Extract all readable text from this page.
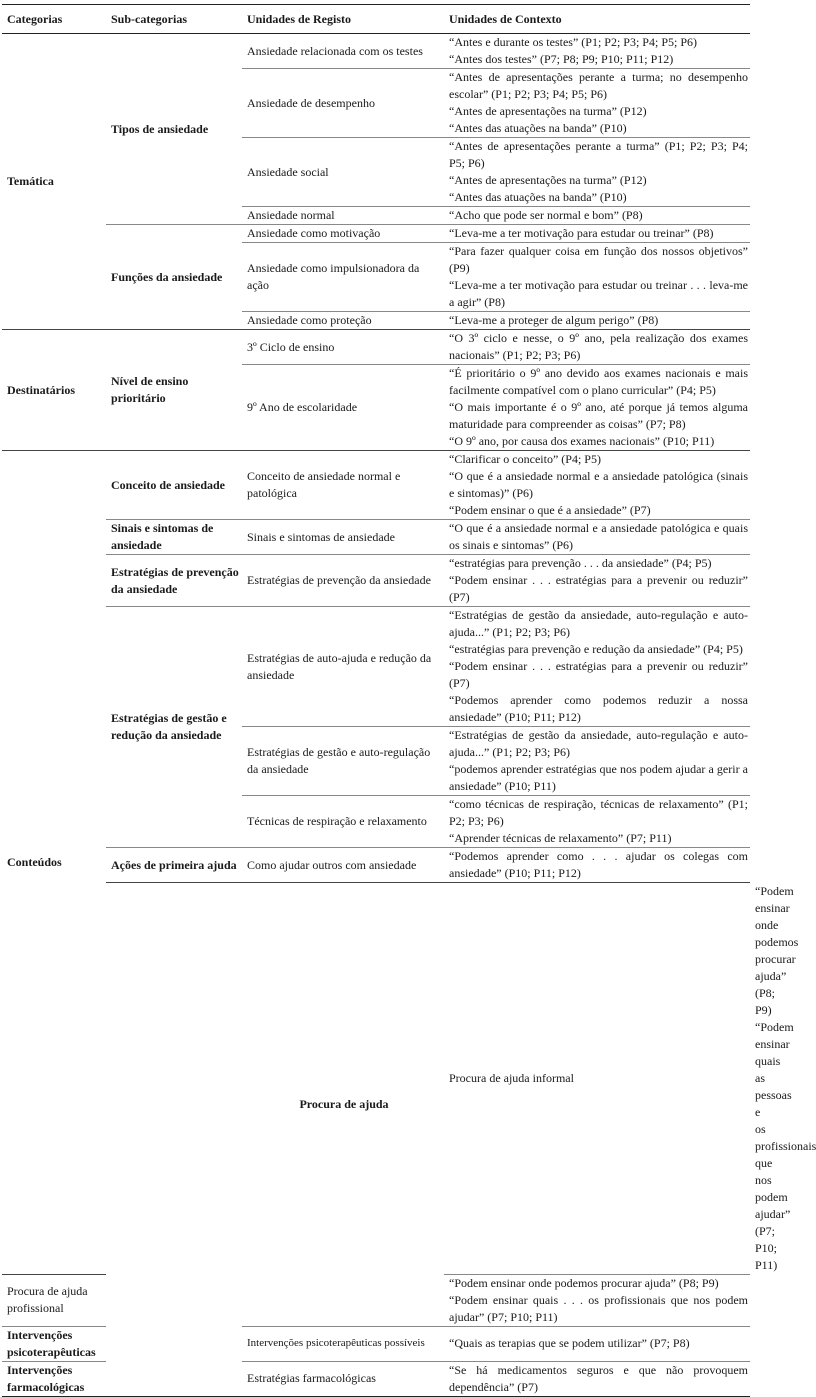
Categorias	Sub-categorias	Unidades de Registo	Unidades de Contexto	
Temática	Tipos de ansiedade	Ansiedade relacionada com os testes	“Antes e durante os testes” (P1; P2; P3; P4; P5; P6)
“Antes dos testes” (P7; P8; P9; P10; P11; P12)	

		Ansiedade de desempenho	“Antes de apresentações perante a turma; no desempenho escolar” (P1; P2; P3; P4; P5; P6)
“Antes de apresentações na turma” (P12)
“Antes das atuações na banda” (P10)	

		Ansiedade social	“Antes de apresentações perante a turma” (P1; P2; P3; P4; P5; P6)
“Antes de apresentações na turma” (P12)
“Antes das atuações na banda” (P10)	

		Ansiedade normal	“Acho que pode ser normal e bom” (P8)	

	Funções da ansiedade	Ansiedade como motivação	“Leva-me a ter motivação para estudar ou treinar” (P8)	

		Ansiedade como impulsionadora da ação	“Para fazer qualquer coisa em função dos nossos objetivos” (P9)
“Leva-me a ter motivação para estudar ou treinar . . . leva-me a agir” (P8)	

		Ansiedade como proteção	“Leva-me a proteger de algum perigo” (P8)	

Destinatários	Nível de ensino prioritário	3º Ciclo de ensino	“O 3º ciclo e nesse, o 9º ano, pela realização dos exames nacionais” (P1; P2; P3; P6)	

		9º Ano de escolaridade	“É prioritário o 9º ano devido aos exames nacionais e mais facilmente compatível com o plano curricular” (P4; P5)
“O mais importante é o 9º ano, até porque já temos alguma maturidade para compreender as coisas” (P7; P8)
“O 9º ano, por causa dos exames nacionais” (P10; P11)	

Conteúdos	Conceito de ansiedade	Conceito de ansiedade normal e patológica	“Clarificar o conceito” (P4; P5)
“O que é a ansiedade normal e a ansiedade patológica (sinais e sintomas)” (P6)
“Podem ensinar o que é a ansiedade” (P7)	

	Sinais e sintomas de ansiedade	Sinais e sintomas de ansiedade	“O que é a ansiedade normal e a ansiedade patológica e quais os sinais e sintomas” (P6)	

	Estratégias de prevenção da ansiedade	Estratégias de prevenção da ansiedade	“estratégias para prevenção . . . da ansiedade” (P4; P5)
“Podem ensinar . . . estratégias para a prevenir ou reduzir” (P7)	

	Estratégias de gestão e redução da ansiedade	Estratégias de auto-ajuda e redução da ansiedade	“Estratégias de gestão da ansiedade, auto-regulação e auto-ajuda...” (P1; P2; P3; P6)
“estratégias para prevenção e redução da ansiedade” (P4; P5)
“Podem ensinar . . . estratégias para a prevenir ou reduzir” (P7)
“Podemos aprender como podemos reduzir a nossa ansiedade” (P10; P11; P12)	

		Estratégias de gestão e auto-regulação da ansiedade	“Estratégias de gestão da ansiedade, auto-regulação e auto-ajuda...” (P1; P2; P3; P6)
“podemos aprender estratégias que nos podem ajudar a gerir a ansiedade” (P10; P11)	

		Técnicas de respiração e relaxamento	“como técnicas de respiração, técnicas de relaxamento” (P1; P2; P3; P6)
“Aprender técnicas de relaxamento” (P7; P11)	

	Ações de primeira ajuda	Como ajudar outros com ansiedade	“Podemos aprender como . . . ajudar os colegas com ansiedade” (P10; P11; P12)	

		Procura de ajuda	Procura de ajuda informal	“Podem ensinar onde podemos procurar ajuda” (P8; P9)
“Podem ensinar quais as pessoas e os profissionais que nos podem ajudar” (P7; P10; P11)

Procura de ajuda profissional			“Podem ensinar onde podemos procurar ajuda” (P8; P9)
“Podem ensinar quais . . . os profissionais que nos podem ajudar” (P7; P10; P11)	

Intervenções psicoterapêuticas		Intervenções psicoterapêuticas possíveis	“Quais as terapias que se podem utilizar” (P7; P8)	

Intervenções farmacológicas		Estratégias farmacológicas	“Se há medicamentos seguros e que não provoquem dependência” (P7)	
